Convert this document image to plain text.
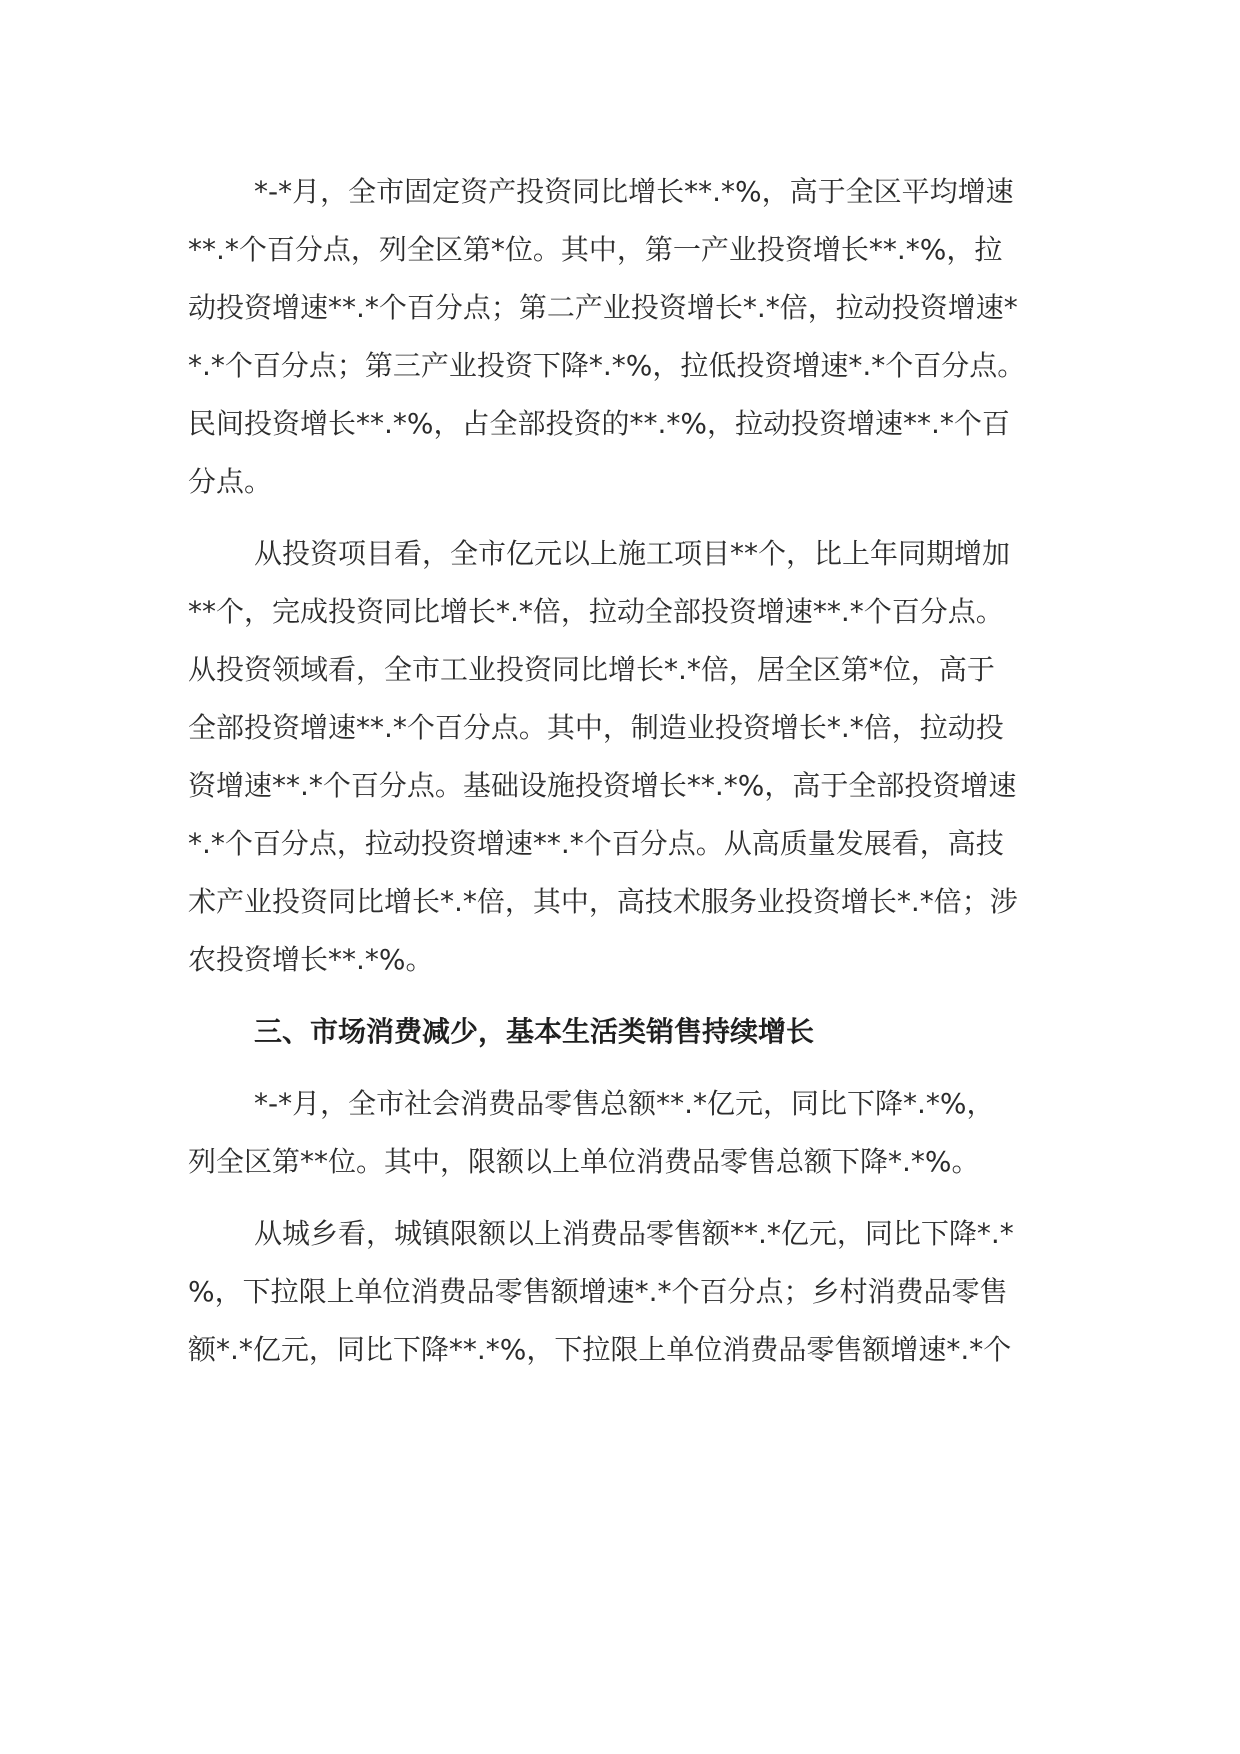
*-*月，全市固定资产投资同比增长**.*%，高于全区平均增速
**.*个百分点，列全区第*位。其中，第一产业投资增长**.*%，拉
动投资增速**.*个百分点；第二产业投资增长*.*倍，拉动投资增速*
*.*个百分点；第三产业投资下降*.*%，拉低投资增速*.*个百分点。
民间投资增长**.*%，占全部投资的**.*%，拉动投资增速**.*个百
分点。
从投资项目看，全市亿元以上施工项目**个，比上年同期增加
**个，完成投资同比增长*.*倍，拉动全部投资增速**.*个百分点。
从投资领域看，全市工业投资同比增长*.*倍，居全区第*位，高于
全部投资增速**.*个百分点。其中，制造业投资增长*.*倍，拉动投
资增速**.*个百分点。基础设施投资增长**.*%，高于全部投资增速
*.*个百分点，拉动投资增速**.*个百分点。从高质量发展看，高技
术产业投资同比增长*.*倍，其中，高技术服务业投资增长*.*倍；涉
农投资增长**.*%。
三、市场消费减少，基本生活类销售持续增长
*-*月，全市社会消费品零售总额**.*亿元，同比下降*.*%，
列全区第**位。其中，限额以上单位消费品零售总额下降*.*%。
从城乡看，城镇限额以上消费品零售额**.*亿元，同比下降*.*
%，下拉限上单位消费品零售额增速*.*个百分点；乡村消费品零售
额*.*亿元，同比下降**.*%，下拉限上单位消费品零售额增速*.*个
